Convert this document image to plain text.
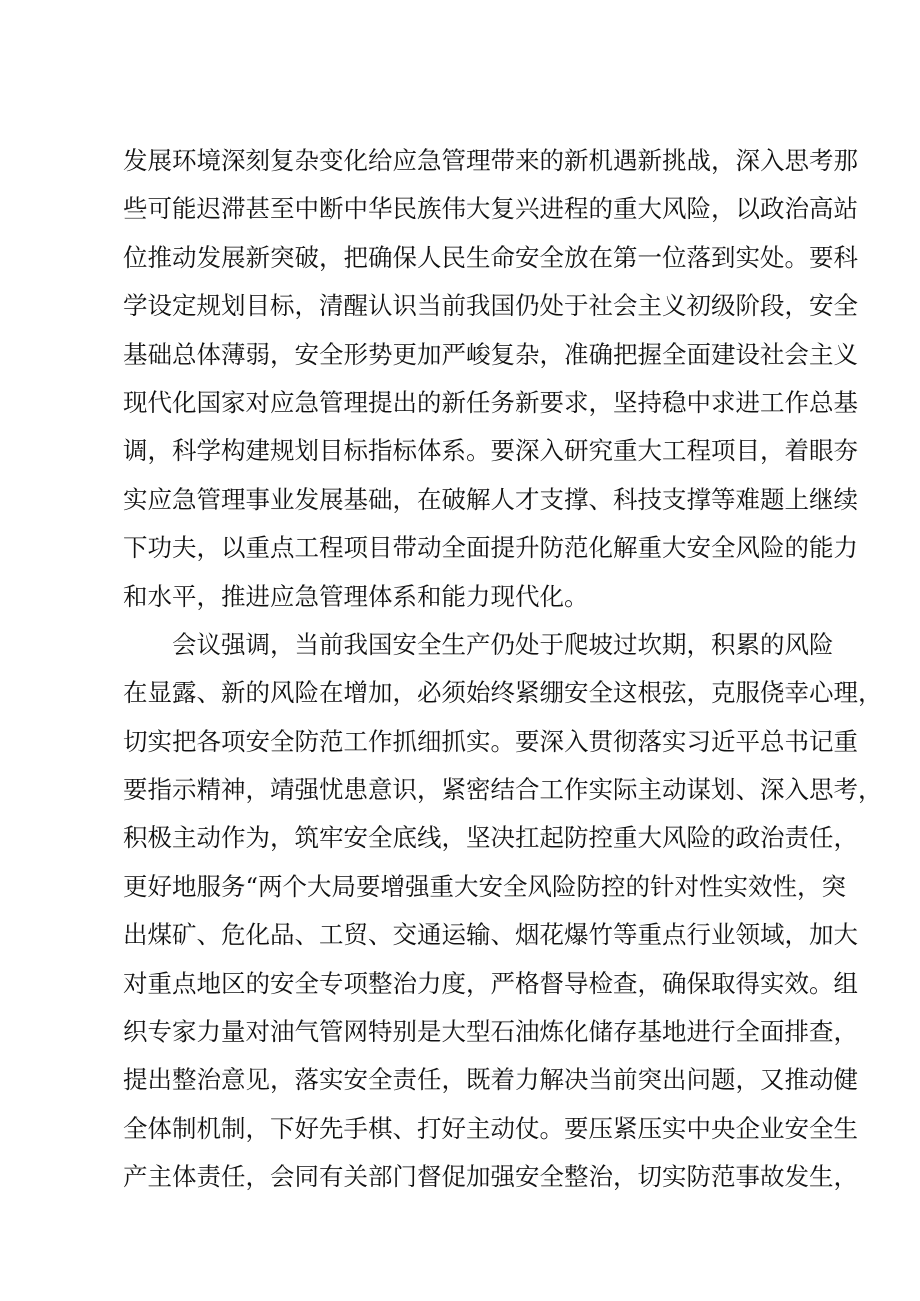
发展环境深刻复杂变化给应急管理带来的新机遇新挑战，深入思考那
些可能迟滞甚至中断中华民族伟大复兴进程的重大风险，以政治高站
位推动发展新突破，把确保人民生命安全放在第一位落到实处。要科
学设定规划目标，清醒认识当前我国仍处于社会主义初级阶段，安全
基础总体薄弱，安全形势更加严峻复杂，准确把握全面建设社会主义
现代化国家对应急管理提出的新任务新要求，坚持稳中求进工作总基
调，科学构建规划目标指标体系。要深入研究重大工程项目，着眼夯
实应急管理事业发展基础，在破解人才支撑、科技支撑等难题上继续
下功夫，以重点工程项目带动全面提升防范化解重大安全风险的能力
和水平，推进应急管理体系和能力现代化。
会议强调，当前我国安全生产仍处于爬坡过坎期，积累的风险
在显露、新的风险在增加，必须始终紧绷安全这根弦，克服侥幸心理，
切实把各项安全防范工作抓细抓实。要深入贯彻落实习近平总书记重
要指示精神，靖强忧患意识，紧密结合工作实际主动谋划、深入思考，
积极主动作为，筑牢安全底线，坚决扛起防控重大风险的政治责任，
更好地服务“两个大局要增强重大安全风险防控的针对性实效性，突
出煤矿、危化品、工贸、交通运输、烟花爆竹等重点行业领域，加大
对重点地区的安全专项整治力度，严格督导检查，确保取得实效。组
织专家力量对油气管网特别是大型石油炼化储存基地进行全面排查，
提出整治意见，落实安全责任，既着力解决当前突出问题，又推动健
全体制机制，下好先手棋、打好主动仗。要压紧压实中央企业安全生
产主体责任，会同有关部门督促加强安全整治，切实防范事故发生，
